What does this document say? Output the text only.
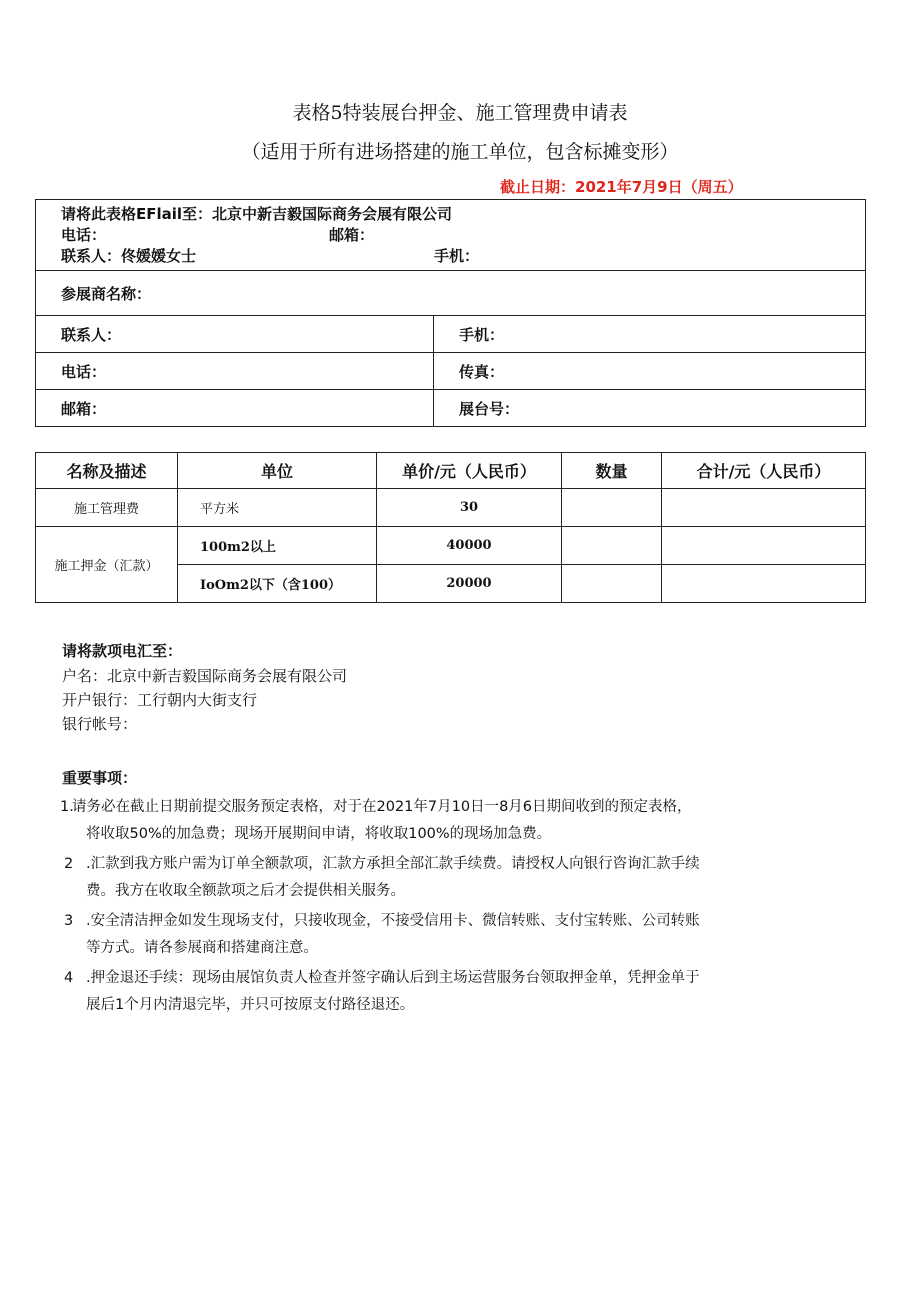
表格5特装展台押金、施工管理费申请表
（适用于所有进场搭建的施工单位，包含标摊变形）
截止日期：2021年7月9日（周五）
请将此表格EFlail至：北京中新吉毅国际商务会展有限公司
电话： 邮箱：
联系人：佟媛媛女士 手机：	

参展商名称：	
联系人：	手机：
电话：	传真：
邮箱：	展台号：
名称及描述	单位	单价/元（人民币）	数量	合计/元（人民币）
施工管理费	平方米	30		
施工押金（汇款）	100m2以上	40000		
	IoOm2以下（含100）	20000		
请将款项电汇至：
户名：北京中新吉毅国际商务会展有限公司
开户银行：工行朝内大街支行
银行帐号：
重要事项：
1.
请务必在截止日期前提交服务预定表格，对于在2021年7月10日一8月6日期间收到的预定表格，
将收取50%的加急费；现场开展期间申请，将收取100%的现场加急费。
2 .汇款到我方账户需为订单全额款项，汇款方承担全部汇款手续费。请授权人向银行咨询汇款手续
费。我方在收取全额款项之后才会提供相关服务。
3 .安全清洁押金如发生现场支付，只接收现金，不接受信用卡、微信转账、支付宝转账、公司转账
等方式。请各参展商和搭建商注意。
4 .押金退还手续：现场由展馆负责人检查并签字确认后到主场运营服务台领取押金单，凭押金单于
展后1个月内清退完毕，并只可按原支付路径退还。
